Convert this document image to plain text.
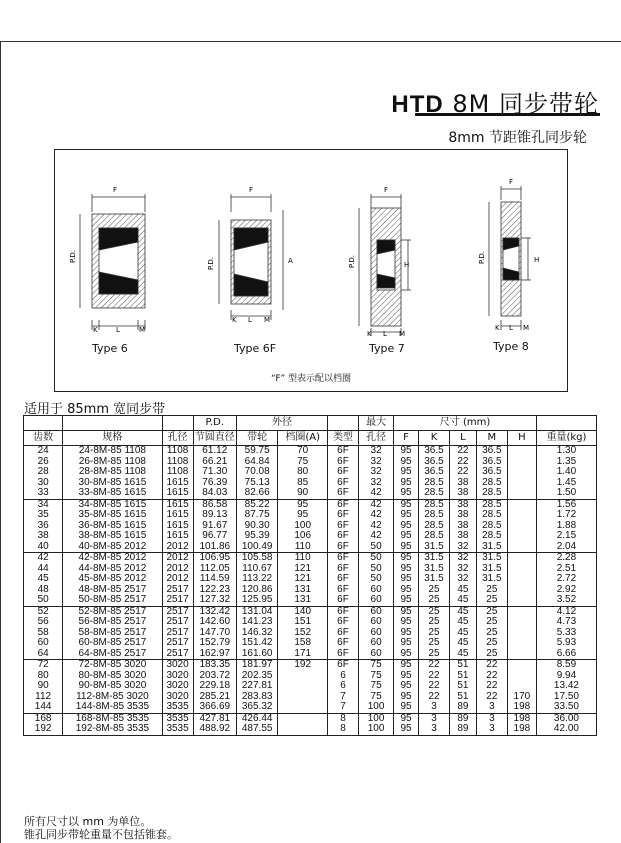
HTD 8M 同步带轮
8mm 节距锥孔同步轮
F
P.D.
K	L	M
F
P.D.	A
K L M
F
P.D.	H
K L M
F
P.D.	H
K L M
Type 6	Type 6F	Type 7	Type 8
“F” 型表示配以档圈
适用于 85mm 宽同步带
			P.D.	外径			最大	尺寸 (mm)					
齿数	规格	孔径	节圆直径	带轮	档圈(A)	类型	孔径	F	K	L	M	H	重量(kg)
24	24-8M-85 1108	1108	61.12	59.75	70	6F	32	95	36.5	22	36.5		1.30
26	26-8M-85 1108	1108	66.21	64.84	75	6F	32	95	36.5	22	36.5		1.35
28	28-8M-85 1108	1108	71.30	70.08	80	6F	32	95	36.5	22	36.5		1.40
30	30-8M-85 1615	1615	76.39	75.13	85	6F	32	95	28.5	38	28.5		1.45
33	33-8M-85 1615	1615	84.03	82.66	90	6F	42	95	28.5	38	28.5		1.50
34	34-8M-85 1615	1615	86.58	85.22	95	6F	42	95	28.5	38	28.5		1.56
35	35-8M-85 1615	1615	89.13	87.75	95	6F	42	95	28.5	38	28.5		1.72
36	36-8M-85 1615	1615	91.67	90.30	100	6F	42	95	28.5	38	28.5		1.88
38	38-8M-85 1615	1615	96.77	95.39	106	6F	42	95	28.5	38	28.5		2.15
40	40-8M-85 2012	2012	101.86	100.49	110	6F	50	95	31.5	32	31.5		2.04
42	42-8M-85 2012	2012	106.95	105.58	110	6F	50	95	31.5	32	31.5		2.28
44	44-8M-85 2012	2012	112.05	110.67	121	6F	50	95	31.5	32	31.5		2.51
45	45-8M-85 2012	2012	114.59	113.22	121	6F	50	95	31.5	32	31.5		2.72
48	48-8M-85 2517	2517	122.23	120.86	131	6F	60	95	25	45	25		2.92
50	50-8M-85 2517	2517	127.32	125.95	131	6F	60	95	25	45	25		3.52
52	52-8M-85 2517	2517	132.42	131.04	140	6F	60	95	25	45	25		4.12
56	56-8M-85 2517	2517	142.60	141.23	151	6F	60	95	25	45	25		4.73
58	58-8M-85 2517	2517	147.70	146.32	152	6F	60	95	25	45	25		5.33
60	60-8M-85 2517	2517	152.79	151.42	158	6F	60	95	25	45	25		5.93
64	64-8M-85 2517	2517	162.97	161.60	171	6F	60	95	25	45	25		6.66
72	72-8M-85 3020	3020	183.35	181.97	192	6F	75	95	22	51	22		8.59
80	80-8M-85 3020	3020	203.72	202.35		6	75	95	22	51	22		9.94
90	90-8M-85 3020	3020	229.18	227.81		6	75	95	22	51	22		13.42
112	112-8M-85 3020	3020	285.21	283.83		7	75	95	22	51	22	170	17.50
144	144-8M-85 3535	3535	366.69	365.32		7	100	95	3	89	3	198	33.50
168	168-8M-85 3535	3535	427.81	426.44		8	100	95	3	89	3	198	36.00
192	192-8M-85 3535	3535	488.92	487.55		8	100	95	3	89	3	198	42.00
所有尺寸以 mm 为单位。
锥孔同步带轮重量不包括锥套。
